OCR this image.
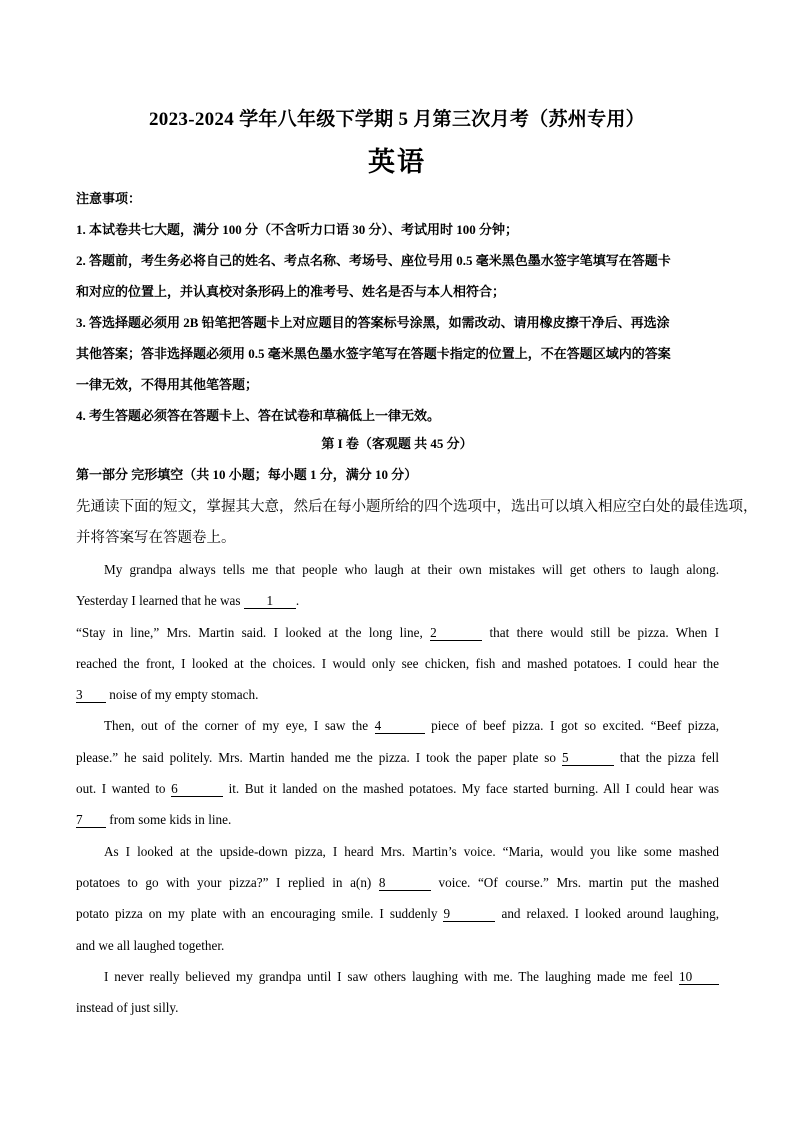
2023-2024 学年八年级下学期 5 月第三次月考（苏州专用）
英语
注意事项：
1. 本试卷共七大题，满分 100 分（不含听力口语 30 分）、考试用时 100 分钟；
2. 答题前，考生务必将自己的姓名、考点名称、考场号、座位号用 0.5 毫米黑色墨水签字笔填写在答题卡
和对应的位置上，并认真校对条形码上的准考号、姓名是否与本人相符合；
3. 答选择题必须用 2B 铅笔把答题卡上对应题目的答案标号涂黑，如需改动、请用橡皮擦干净后、再选涂
其他答案；答非选择题必须用 0.5 毫米黑色墨水签字笔写在答题卡指定的位置上，不在答题区域内的答案
一律无效，不得用其他笔答题；
4. 考生答题必须答在答题卡上、答在试卷和草稿低上一律无效。
第 I 卷（客观题 共 45 分）
第一部分 完形填空（共 10 小题；每小题 1 分，满分 10 分）
先通读下面的短文，掌握其大意，然后在每小题所给的四个选项中，选出可以填入相应空白处的最佳选项，
并将答案写在答题卷上。
My grandpa always tells me that people who laugh at their own mistakes will get others to laugh along.
Yesterday I learned that he was 1 .
“Stay in line,” Mrs. Martin said. I looked at the long line, 2	that there would still be pizza. When I
reached the front, I looked at the choices. I would only see chicken, fish and mashed potatoes. I could hear the
3 noise of my empty stomach.
Then, out of the corner of my eye, I saw the 4	piece of beef pizza. I got so excited. “Beef pizza,
please.” he said politely. Mrs. Martin handed me the pizza. I took the paper plate so 5	that the pizza fell
out. I wanted to 6	it. But it landed on the mashed potatoes. My face started burning. All I could hear was
7 from some kids in line.
As I looked at the upside-down pizza, I heard Mrs. Martin’s voice. “Maria, would you like some mashed
potatoes to go with your pizza?” I replied in a(n) 8	voice. “Of course.” Mrs. martin put the mashed
potato pizza on my plate with an encouraging smile. I suddenly 9	and relaxed. I looked around laughing,
and we all laughed together.
I never really believed my grandpa until I saw others laughing with me. The laughing made me feel 10
instead of just silly.
